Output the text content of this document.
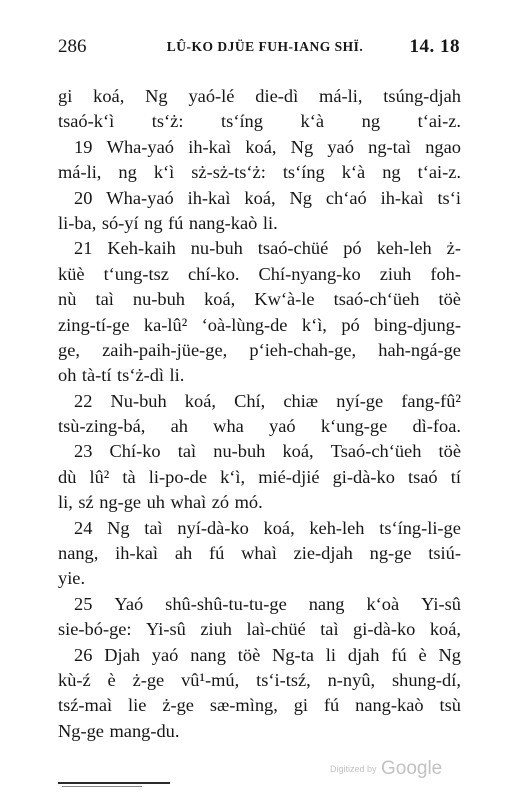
286	LÛ-KO DJÜE FUH-IANG SHÏ.	14. 18
gi koá, Ng yaó-lé die-dì má-li, tsúng-djah
tsaó-kʻì tsʻż: tsʻíng kʻà ng tʻai-z.
19 Wha-yaó ih-kaì koá, Ng yaó ng-taì ngao
má-li, ng kʻì sż-sż-tsʻż: tsʻíng kʻà ng tʻai-z.
20 Wha-yaó ih-kaì koá, Ng chʻaó ih-kaì tsʻi
li-ba, só-yí ng fú nang-kaò li.
21 Keh-kaih nu-buh tsaó-chüé pó keh-leh ż-
küè tʻung-tsz chí-ko. Chí-nyang-ko ziuh foh-
nù taì nu-buh koá, Kwʻà-le tsaó-chʻüeh töè
zing-tí-ge ka-lû² ʻoà-lùng-de kʻì, pó bing-djung-
ge, zaih-paih-jüe-ge, pʻieh-chah-ge, hah-ngá-ge
oh tà-tí tsʻż-dì li.
22 Nu-buh koá, Chí, chiæ nyí-ge fang-fû²
tsù-zing-bá, ah wha yaó kʻung-ge dì-foa.
23 Chí-ko taì nu-buh koá, Tsaó-chʻüeh töè
dù lû² tà li-po-de kʻì, mié-djié gi-dà-ko tsaó tí
li, sź ng-ge uh whaì zó mó.
24 Ng taì nyí-dà-ko koá, keh-leh tsʻíng-li-ge
nang, ih-kaì ah fú whaì zie-djah ng-ge tsiú-
yie.
25 Yaó shû-shû-tu-tu-ge nang kʻoà Yi-sû
sie-bó-ge: Yi-sû ziuh laì-chüé taì gi-dà-ko koá,
26 Djah yaó nang töè Ng-ta li djah fú è Ng
kù-ź è ż-ge vû¹-mú, tsʻi-tsź, n-nyû, shung-dí,
tsź-maì lie ż-ge sæ-mìng, gi fú nang-kaò tsù
Ng-ge mang-du.
Digitized by Google
